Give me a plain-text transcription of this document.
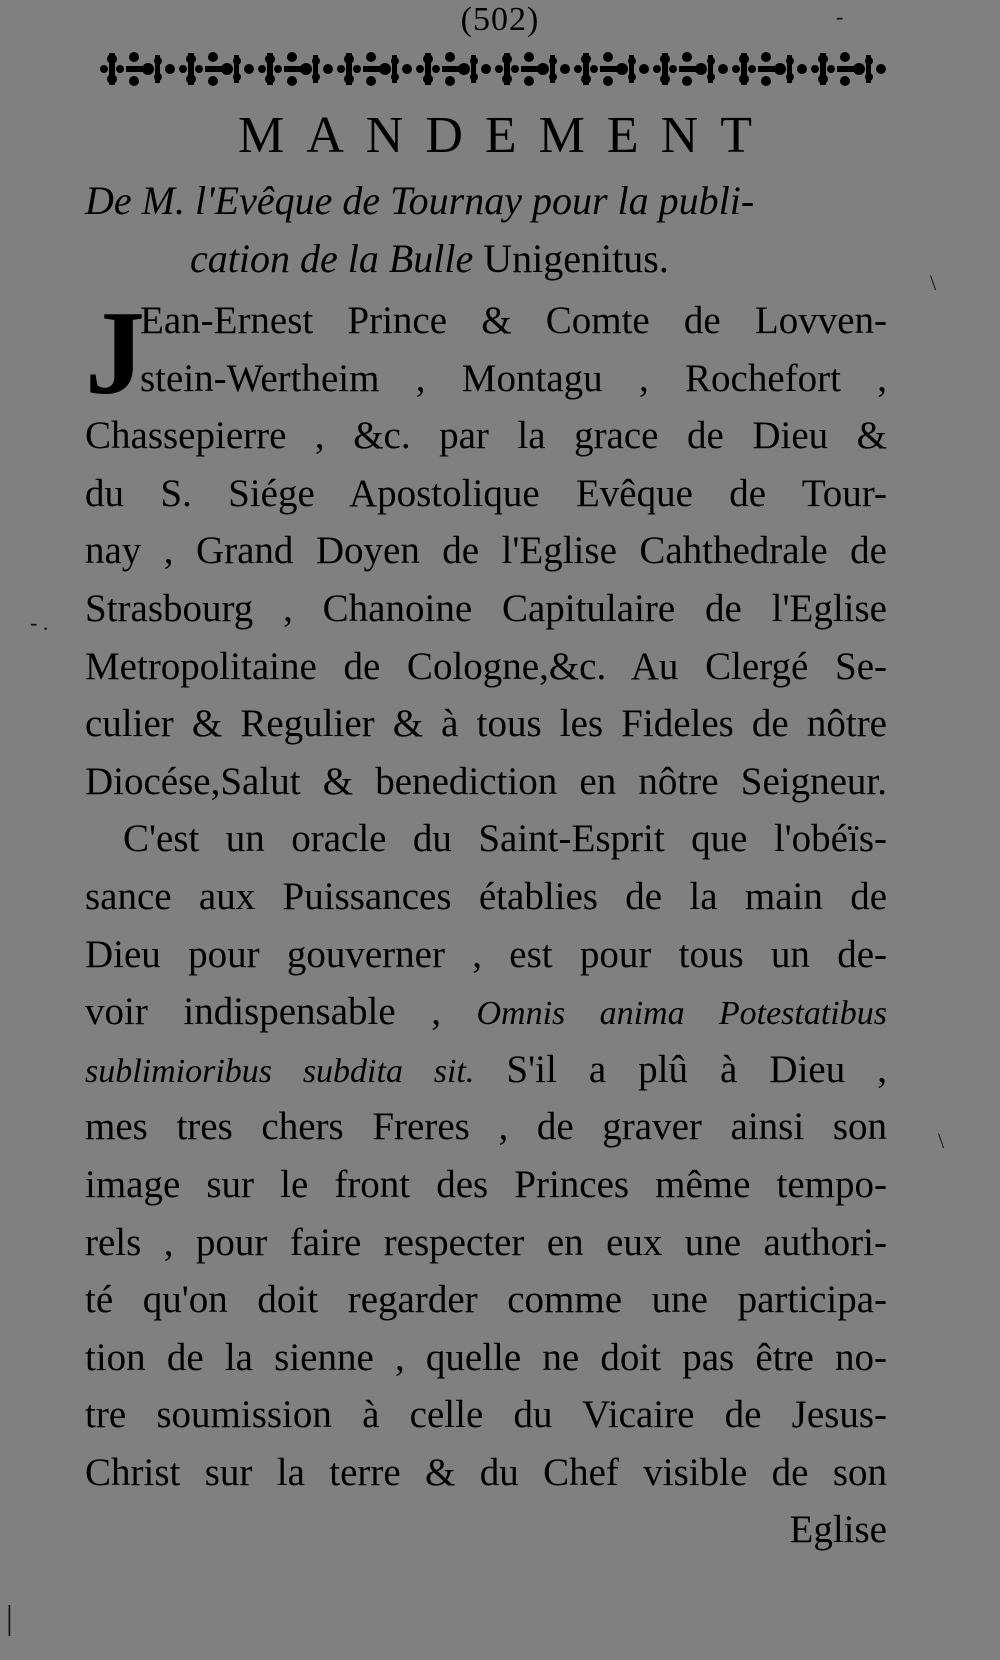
(502)
MANDEMENT
De M. l'Evêque de Tournay pour la publi-
cation de la Bulle Unigenitus.
J
Ean-Ernest Prince & Comte de Lovven-
stein-Wertheim , Montagu , Rochefort ,
Chassepierre , &c. par la grace de Dieu &
du S. Siége Apostolique Evêque de Tour-
nay , Grand Doyen de l'Eglise Cahthedrale de
Strasbourg , Chanoine Capitulaire de l'Eglise
Metropolitaine de Cologne,&c. Au Clergé Se-
culier & Regulier & à tous les Fideles de nôtre
Diocése,Salut & benediction en nôtre Seigneur.
C'est un oracle du Saint-Esprit que l'obéïs-
sance aux Puissances établies de la main de
Dieu pour gouverner , est pour tous un de-
voir indispensable , Omnis anima Potestatibus
sublimioribus subdita sit. S'il a plû à Dieu ,
mes tres chers Freres , de graver ainsi son
image sur le front des Princes même tempo-
rels , pour faire respecter en eux une authori-
té qu'on doit regarder comme une participa-
tion de la sienne , quelle ne doit pas être no-
tre soumission à celle du Vicaire de Jesus-
Christ sur la terre & du Chef visible de son
Eglise
-
\
- .
\
|
